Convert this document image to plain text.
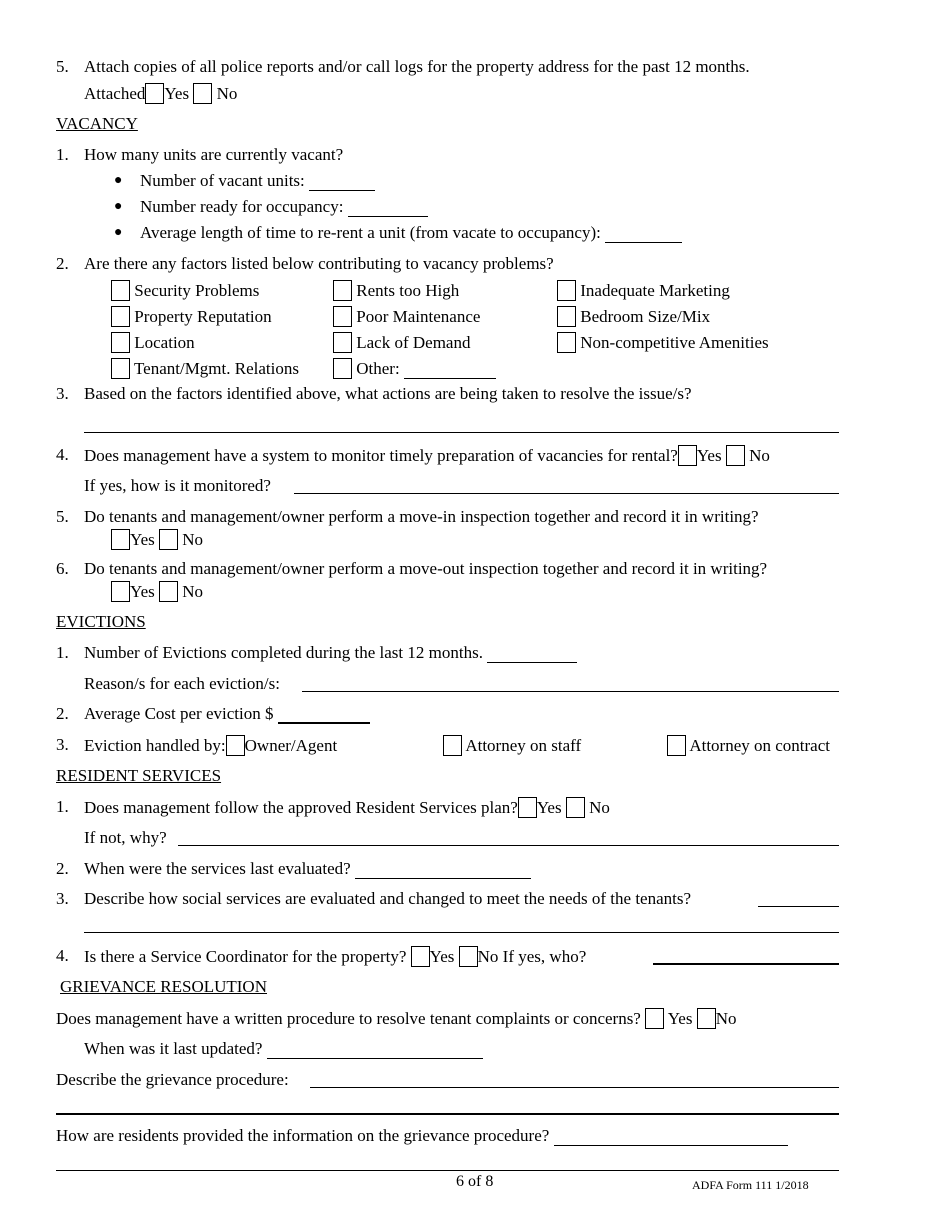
5. Attach copies of all police reports and/or call logs for the property address for the past 12 months.
Attached Yes No
VACANCY
1. How many units are currently vacant?
● Number of vacant units:
● Number ready for occupancy:
● Average length of time to re-rent a unit (from vacate to occupancy):
2. Are there any factors listed below contributing to vacancy problems?
Security Problems	Rents too High	Inadequate Marketing
Property Reputation	Poor Maintenance	Bedroom Size/Mix
Location	Lack of Demand	Non-competitive Amenities
Tenant/Mgmt. Relations	Other:
3. Based on the factors identified above, what actions are being taken to resolve the issue/s?
4. Does management have a system to monitor timely preparation of vacancies for rental? Yes No
If yes, how is it monitored?
5. Do tenants and management/owner perform a move-in inspection together and record it in writing?
Yes No
6. Do tenants and management/owner perform a move-out inspection together and record it in writing?
Yes No
EVICTIONS
1. Number of Evictions completed during the last 12 months.
Reason/s for each eviction/s:
2. Average Cost per eviction $
3. Eviction handled by: Owner/Agent	Attorney on staff	Attorney on contract
RESIDENT SERVICES
1. Does management follow the approved Resident Services plan? Yes No
If not, why?
2. When were the services last evaluated?
3. Describe how social services are evaluated and changed to meet the needs of the tenants?
4. Is there a Service Coordinator for the property? Yes No If yes, who?
GRIEVANCE RESOLUTION
Does management have a written procedure to resolve tenant complaints or concerns? Yes No
When was it last updated?
Describe the grievance procedure:
How are residents provided the information on the grievance procedure?
6 of 8	ADFA Form 111 1/2018
